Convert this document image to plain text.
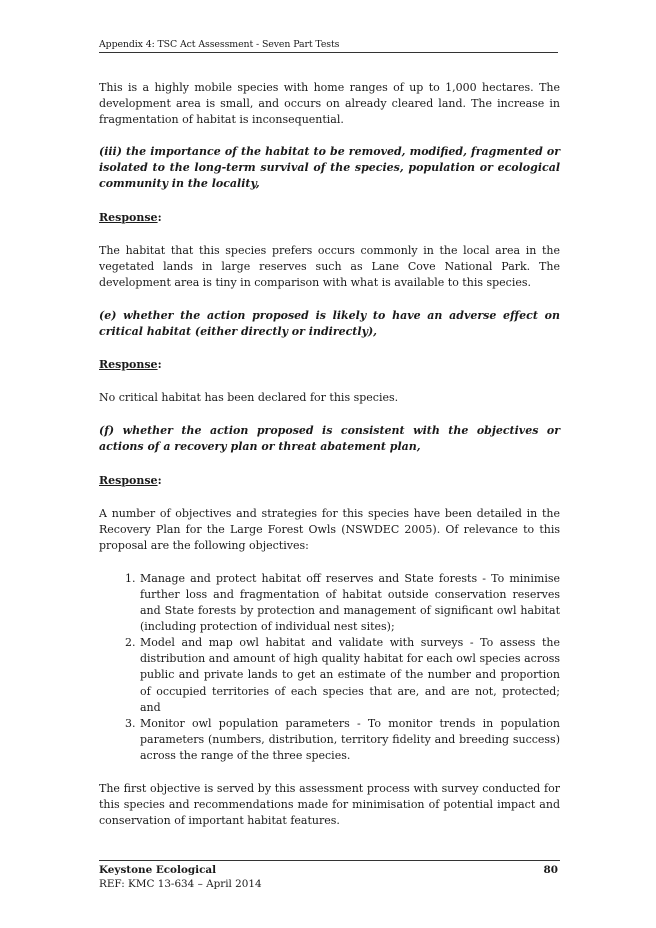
Appendix 4: TSC Act Assessment - Seven Part Tests

This is a highly mobile species with home ranges of up to 1,000 hectares. The development area is small, and occurs on already cleared land. The increase in fragmentation of habitat is inconsequential.

(iii) the importance of the habitat to be removed, modified, fragmented or isolated to the long-term survival of the species, population or ecological community in the locality,

Response:

The habitat that this species prefers occurs commonly in the local area in the vegetated lands in large reserves such as Lane Cove National Park. The development area is tiny in comparison with what is available to this species.

(e) whether the action proposed is likely to have an adverse effect on critical habitat (either directly or indirectly),

Response:

No critical habitat has been declared for this species.

(f) whether the action proposed is consistent with the objectives or actions of a recovery plan or threat abatement plan,

Response:

A number of objectives and strategies for this species have been detailed in the Recovery Plan for the Large Forest Owls (NSWDEC 2005). Of relevance to this proposal are the following objectives:

1. Manage and protect habitat off reserves and State forests - To minimise further loss and fragmentation of habitat outside conservation reserves and State forests by protection and management of significant owl habitat (including protection of individual nest sites);
2. Model and map owl habitat and validate with surveys - To assess the distribution and amount of high quality habitat for each owl species across public and private lands to get an estimate of the number and proportion of occupied territories of each species that are, and are not, protected; and
3. Monitor owl population parameters - To monitor trends in population parameters (numbers, distribution, territory fidelity and breeding success) across the range of the three species.

The first objective is served by this assessment process with survey conducted for this species and recommendations made for minimisation of potential impact and conservation of important habitat features.

Keystone Ecological
REF: KMC 13-634 – April 2014
80
